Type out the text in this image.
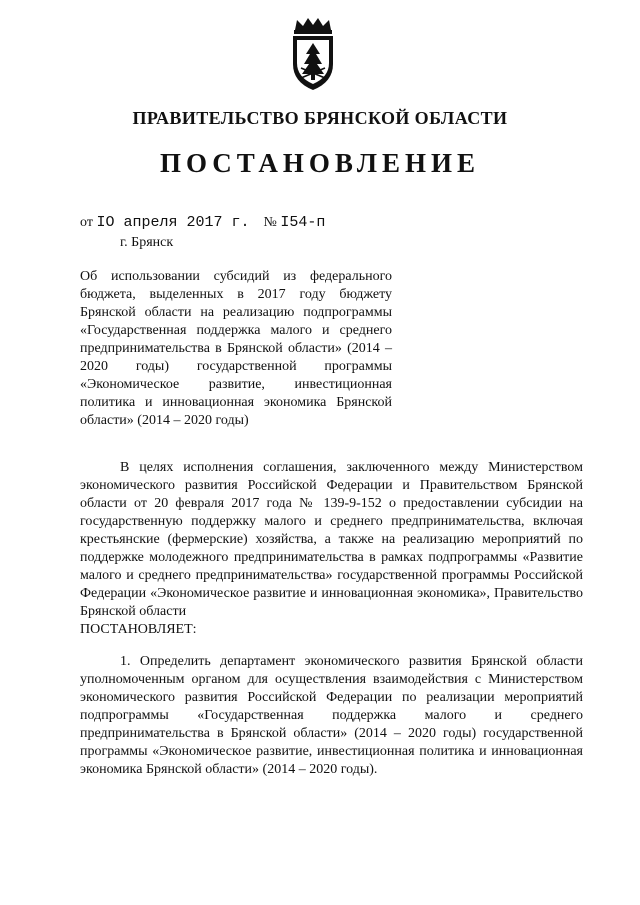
ПРАВИТЕЛЬСТВО БРЯНСКОЙ ОБЛАСТИ
ПОСТАНОВЛЕНИЕ
от IO апреля 2017 г. № I54-п
г. Брянск
Об использовании субсидий из федерального бюджета, выделенных в 2017 году бюджету Брянской области на реализацию подпрограммы «Государственная поддержка малого и среднего предпринимательства в Брянской области» (2014 – 2020 годы) государственной программы «Экономическое развитие, инвестиционная политика и инновационная экономика Брянской области» (2014 – 2020 годы)
В целях исполнения соглашения, заключенного между Министерством экономического развития Российской Федерации и Правительством Брянской области от 20 февраля 2017 года № 139-9-152 о предоставлении субсидии на государственную поддержку малого и среднего предпринимательства, включая крестьянские (фермерские) хозяйства, а также на реализацию мероприятий по поддержке молодежного предпринимательства в рамках подпрограммы «Развитие малого и среднего предпринимательства» государственной программы Российской Федерации «Экономическое развитие и инновационная экономика», Правительство Брянской области
ПОСТАНОВЛЯЕТ:
1. Определить департамент экономического развития Брянской области уполномоченным органом для осуществления взаимодействия с Министерством экономического развития Российской Федерации по реализации мероприятий подпрограммы «Государственная поддержка малого и среднего предпринимательства в Брянской области» (2014 – 2020 годы) государственной программы «Экономическое развитие, инвестиционная политика и инновационная экономика Брянской области» (2014 – 2020 годы).
